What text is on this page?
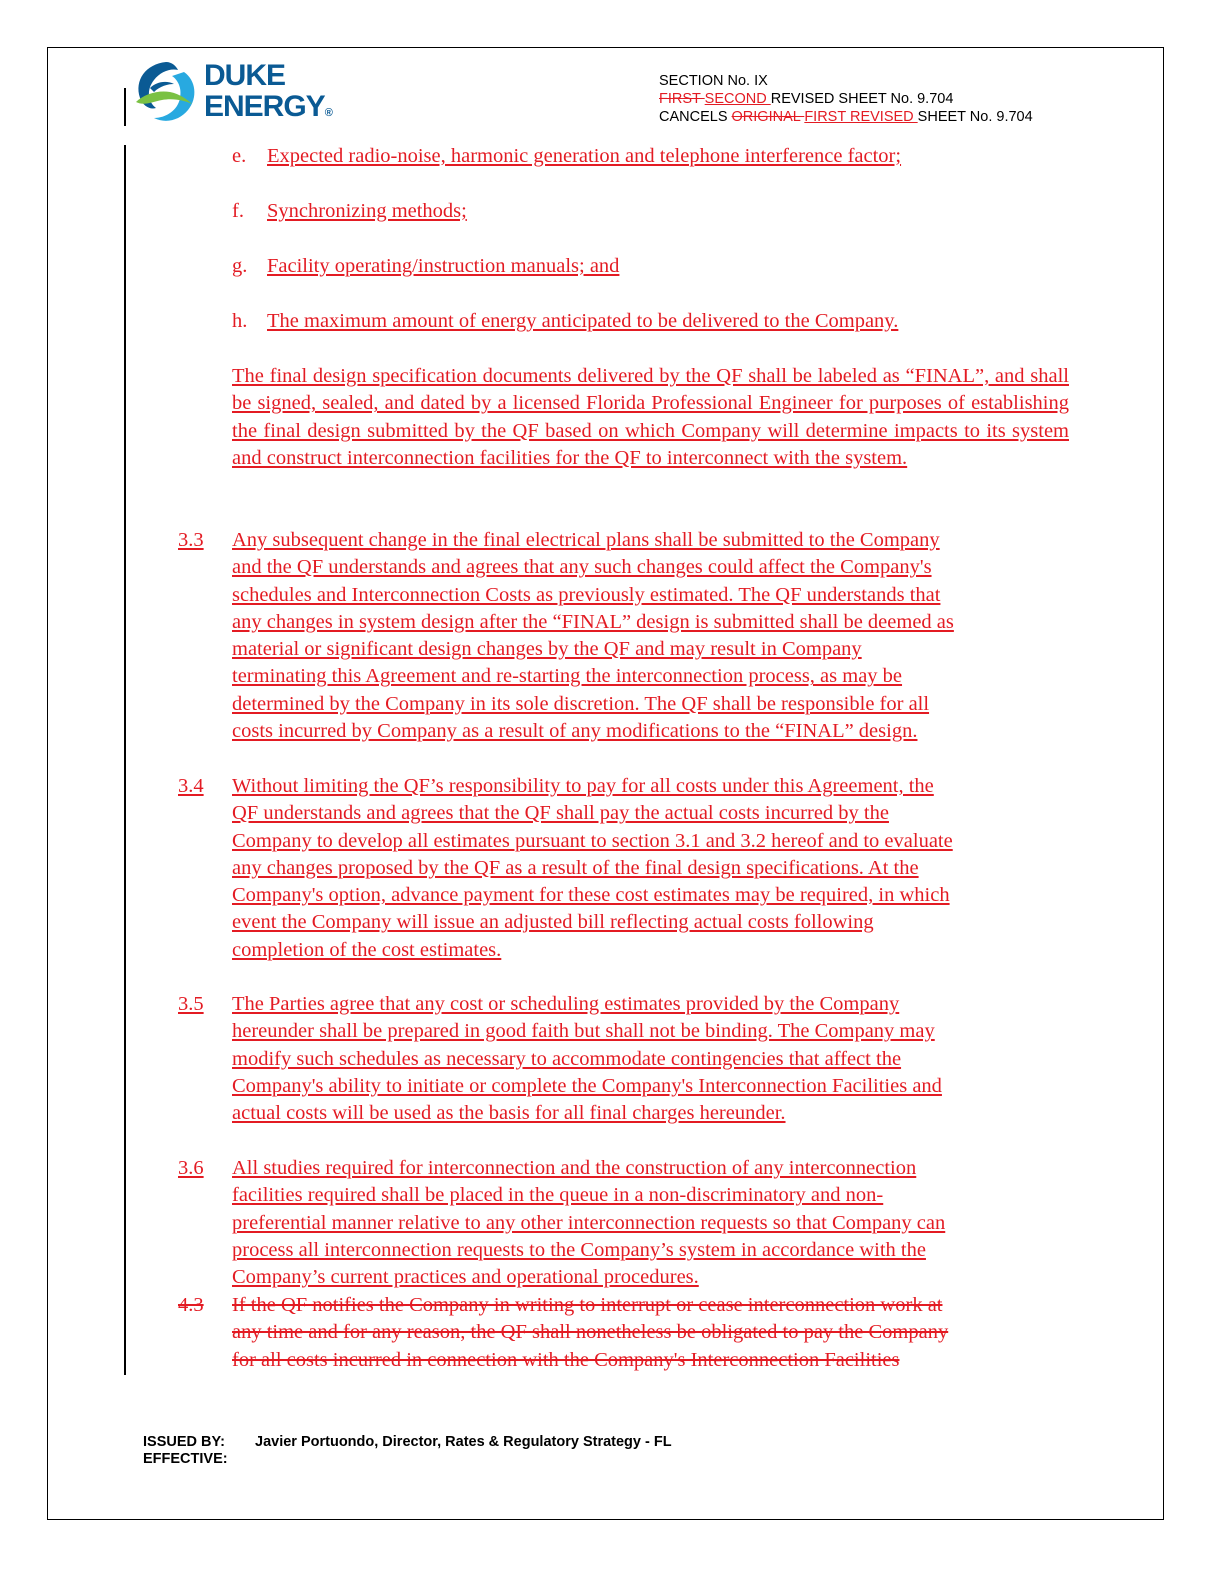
DUKE
ENERGY®
SECTION No. IX
FIRST SECOND REVISED SHEET No. 9.704
CANCELS ORIGINAL FIRST REVISED SHEET No. 9.704
e. Expected radio-noise, harmonic generation and telephone interference factor;
f. Synchronizing methods;
g. Facility operating/instruction manuals; and
h. The maximum amount of energy anticipated to be delivered to the Company.
The final design specification documents delivered by the QF shall be labeled as “FINAL”, and shall be signed, sealed, and dated by a licensed Florida Professional Engineer for purposes of establishing the final design submitted by the QF based on which Company will determine impacts to its system and construct interconnection facilities for the QF to interconnect with the system.
3.3 Any subsequent change in the final electrical plans shall be submitted to the Company
and the QF understands and agrees that any such changes could affect the Company's
schedules and Interconnection Costs as previously estimated. The QF understands that
any changes in system design after the “FINAL” design is submitted shall be deemed as
material or significant design changes by the QF and may result in Company
terminating this Agreement and re-starting the interconnection process, as may be
determined by the Company in its sole discretion. The QF shall be responsible for all
costs incurred by Company as a result of any modifications to the “FINAL” design.
3.4 Without limiting the QF’s responsibility to pay for all costs under this Agreement, the
QF understands and agrees that the QF shall pay the actual costs incurred by the
Company to develop all estimates pursuant to section 3.1 and 3.2 hereof and to evaluate
any changes proposed by the QF as a result of the final design specifications. At the
Company's option, advance payment for these cost estimates may be required, in which
event the Company will issue an adjusted bill reflecting actual costs following
completion of the cost estimates.
3.5 The Parties agree that any cost or scheduling estimates provided by the Company
hereunder shall be prepared in good faith but shall not be binding. The Company may
modify such schedules as necessary to accommodate contingencies that affect the
Company's ability to initiate or complete the Company's Interconnection Facilities and
actual costs will be used as the basis for all final charges hereunder.
3.6 All studies required for interconnection and the construction of any interconnection
facilities required shall be placed in the queue in a non-discriminatory and non-
preferential manner relative to any other interconnection requests so that Company can
process all interconnection requests to the Company’s system in accordance with the
Company’s current practices and operational procedures.
4.3 If the QF notifies the Company in writing to interrupt or cease interconnection work at
any time and for any reason, the QF shall nonetheless be obligated to pay the Company
for all costs incurred in connection with the Company's Interconnection Facilities
ISSUED BY: Javier Portuondo, Director, Rates & Regulatory Strategy - FL
EFFECTIVE:
